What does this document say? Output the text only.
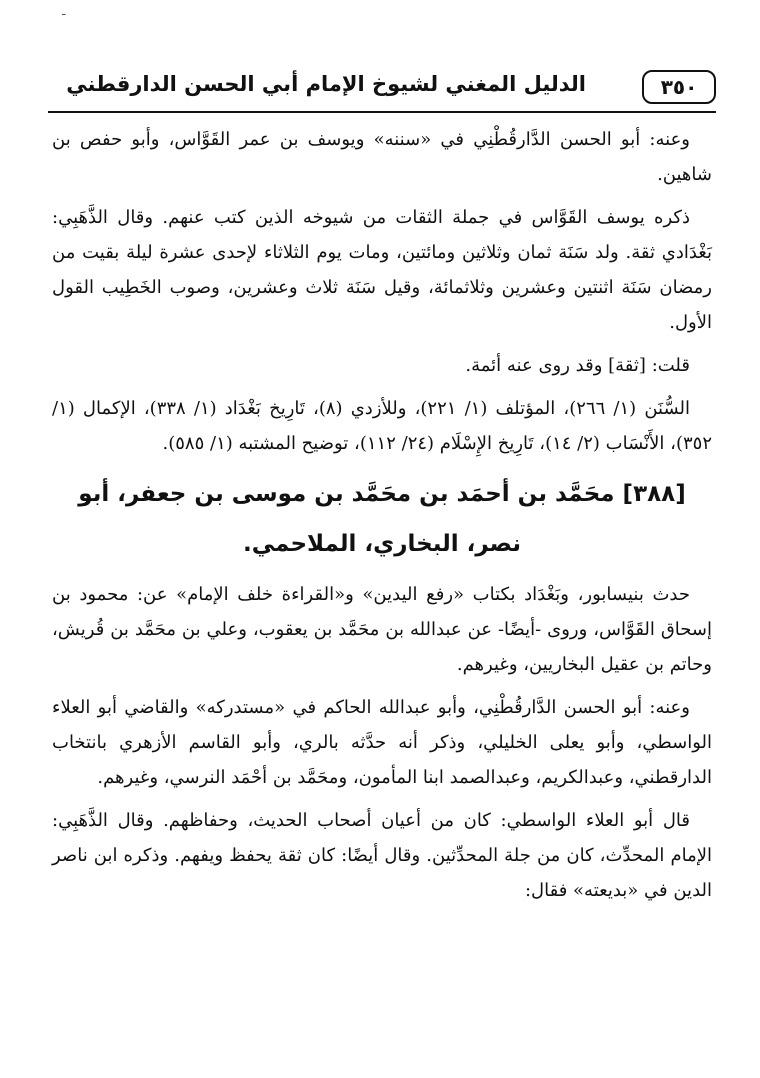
ـ
٣٥٠
الدليل المغني لشيوخ الإمام أبي الحسن الدارقطني

وعنه: أبو الحسن الدَّارقُطْنِي في «سننه» ويوسف بن عمر القَوَّاس، وأبو حفص بن شاهين.

ذكره يوسف القَوَّاس في جملة الثقات من شيوخه الذين كتب عنهم. وقال الذَّهَبِي: بَغْدَادي ثقة. ولد سَنَة ثمان وثلاثين ومائتين، ومات يوم الثلاثاء لإحدى عشرة ليلة بقيت من رمضان سَنَة اثنتين وعشرين وثلاثمائة، وقيل سَنَة ثلاث وعشرين، وصوب الخَطِيب القول الأول.

قلت: [ثقة] وقد روى عنه أئمة.

السُّنَن (١/ ٢٦٦)، المؤتلف (١/ ٢٢١)، وللأزدي (٨)، تَارِيخ بَغْدَاد (١/ ٣٣٨)، الإكمال (١/ ٣٥٢)، الأَنْسَاب (٢/ ١٤)، تَارِيخ الإِسْلَام (٢٤/ ١١٢)، توضيح المشتبه (١/ ٥٨٥).

[٣٨٨] محَمَّد بن أحمَد بن محَمَّد بن موسى بن جعفر، أبو نصر، البخاري، الملاحمي.

حدث بنيسابور، وبَغْدَاد بكتاب «رفع اليدين» و«القراءة خلف الإمام» عن: محمود بن إسحاق القَوَّاس، وروى -أيضًا- عن عبدالله بن محَمَّد بن يعقوب، وعلي بن محَمَّد بن قُريش، وحاتم بن عقيل البخاريين، وغيرهم.

وعنه: أبو الحسن الدَّارقُطْنِي، وأبو عبدالله الحاكم في «مستدركه» والقاضي أبو العلاء الواسطي، وأبو يعلى الخليلي، وذكر أنه حدَّثه بالري، وأبو القاسم الأزهري بانتخاب الدارقطني، وعبدالكريم، وعبدالصمد ابنا المأمون، ومحَمَّد بن أحْمَد النرسي، وغيرهم.

قال أبو العلاء الواسطي: كان من أعيان أصحاب الحديث، وحفاظهم. وقال الذَّهَبِي: الإمام المحدِّث، كان من جلة المحدِّثين. وقال أيضًا: كان ثقة يحفظ ويفهم. وذكره ابن ناصر الدين في «بديعته» فقال:
